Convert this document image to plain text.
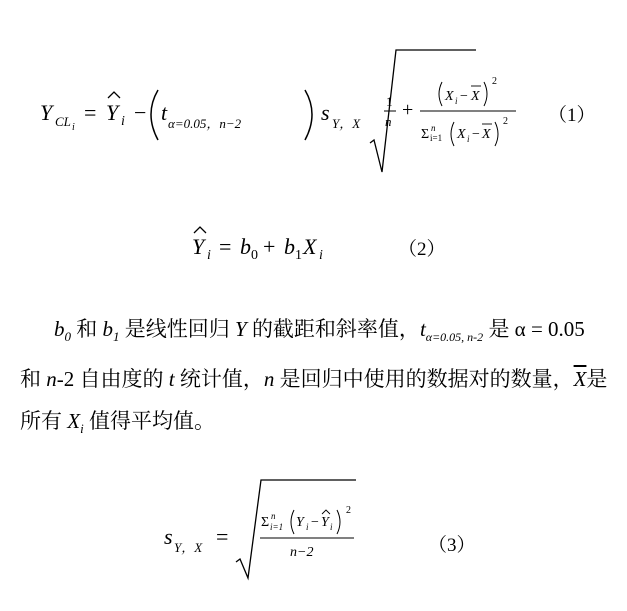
Y CL i
= Y i − t α=0.05，n−2	s Y，X
1
n
+
X i − X
2
Σ n
i=1 X i − X
2 （1）
Y i = b 0 + b 1 X i	（2）
$b_0$ 和 $b_1$ 是线性回归 Y 的截距和斜率值，$t_{\alpha=0.05, n-2}$ 是 α = 0.05 和 n-2 自由度的 t 统计值，n 是回归中使用的数据对的数量，$\overline{X}$是所有 $X_i$ 值得平均值。
s Y，X =
Σ n
i=1 Y i − Y i
2
n−2	（3）
